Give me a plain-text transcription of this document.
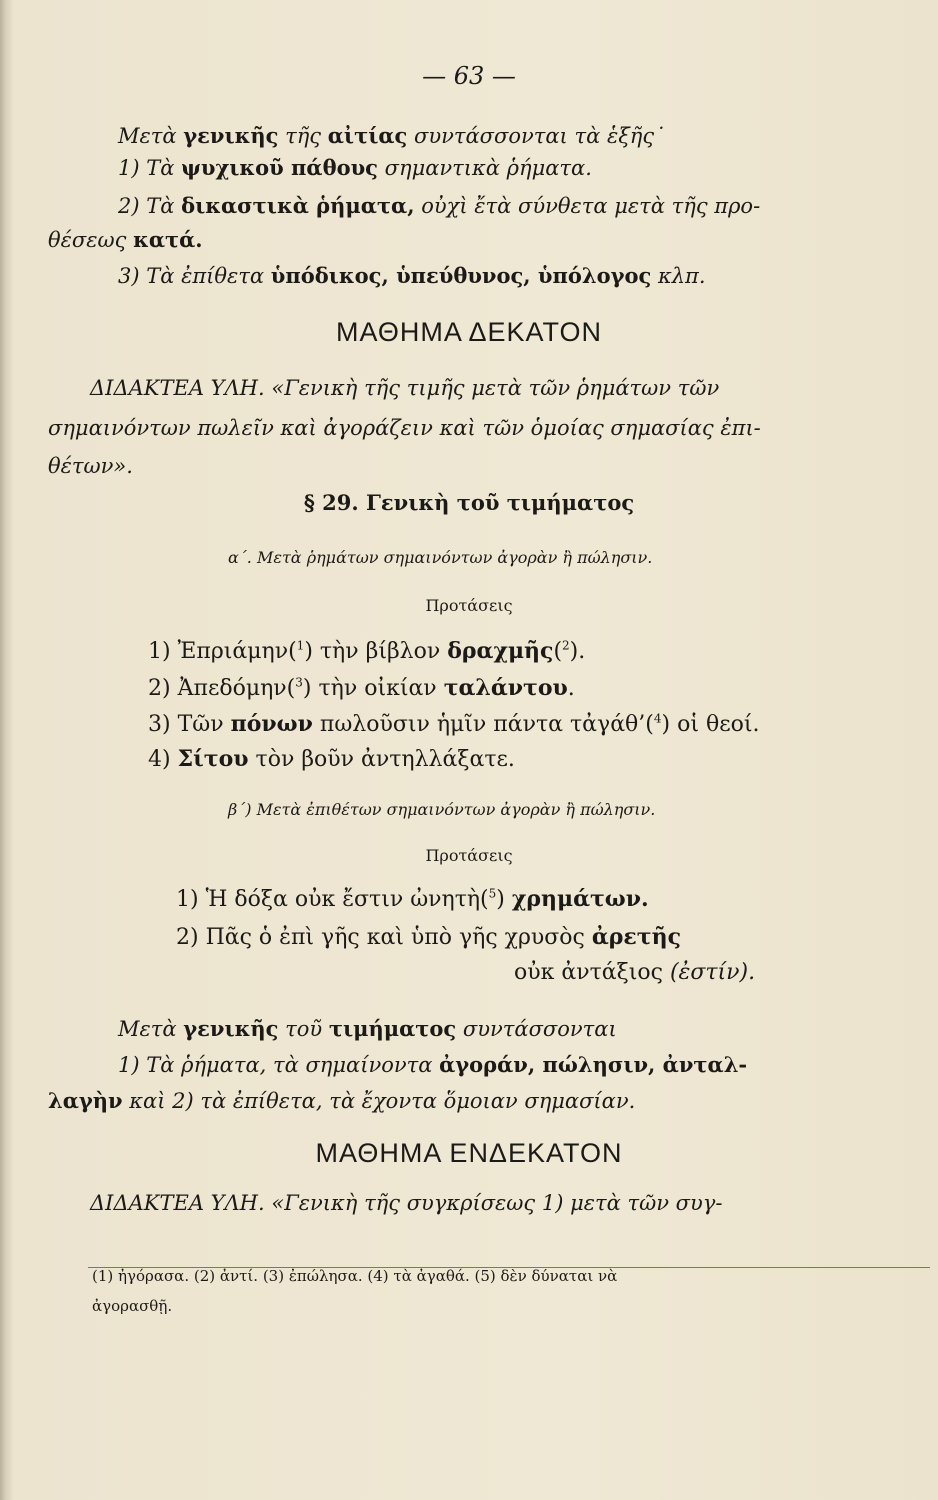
— 63 —
Μετὰ γενικῆς τῆς αἰτίας συντάσσονται τὰ ἑξῆς˙
1) Τὰ ψυχικοῦ πάθους σημαντικὰ ῥήματα.
2) Τὰ δικαστικὰ ῥήματα, οὐχὶ ἔτὰ σύνθετα μετὰ τῆς προ-
θέσεως κατά.
3) Τὰ ἐπίθετα ὑπόδικος, ὑπεύθυνος, ὑπόλογος κλπ.
ΜΑΘΗΜΑ ΔΕΚΑΤΟΝ
ΔΙΔΑΚΤΕΑ ΥΛΗ. «Γενικὴ τῆς τιμῆς μετὰ τῶν ῥημάτων τῶν
σημαινόντων πωλεῖν καὶ ἀγοράζειν καὶ τῶν ὁμοίας σημασίας ἐπι-
θέτων».
§ 29. Γενικὴ τοῦ τιμήματος
α΄. Μετὰ ῥημάτων σημαινόντων ἀγορὰν ἢ πώλησιν.
Προτάσεις
1) Ἐπριάμην($^1$) τὴν βίβλον δραχμῆς($^2$).
2) Ἀπεδόμην($^3$) τὴν οἰκίαν ταλάντου.
3) Τῶν πόνων πωλοῦσιν ἡμῖν πάντα τἀγάθ’($^4$) οἱ θεοί.
4) Σίτου τὸν βοῦν ἀντηλλάξατε.
β΄) Μετὰ ἐπιθέτων σημαινόντων ἀγορὰν ἢ πώλησιν.
Προτάσεις
1) Ἡ δόξα οὐκ ἔστιν ὠνητὴ($^5$) χρημάτων.
2) Πᾶς ὁ ἐπὶ γῆς καὶ ὑπὸ γῆς χρυσὸς ἀρετῆς
οὐκ ἀντάξιος (ἐστίν).
Μετὰ γενικῆς τοῦ τιμήματος συντάσσονται
1) Τὰ ῥήματα, τὰ σημαίνοντα ἀγοράν, πώλησιν, ἀνταλ-
λαγὴν καὶ 2) τὰ ἐπίθετα, τὰ ἔχοντα ὅμοιαν σημασίαν.
ΜΑΘΗΜΑ ΕΝΔΕΚΑΤΟΝ
ΔΙΔΑΚΤΕΑ ΥΛΗ. «Γενικὴ τῆς συγκρίσεως 1) μετὰ τῶν συγ-
(1) ἠγόρασα. (2) ἀντί. (3) ἐπώλησα. (4) τὰ ἀγαθά. (5) δὲν δύναται νὰ
ἀγορασθῇ.
